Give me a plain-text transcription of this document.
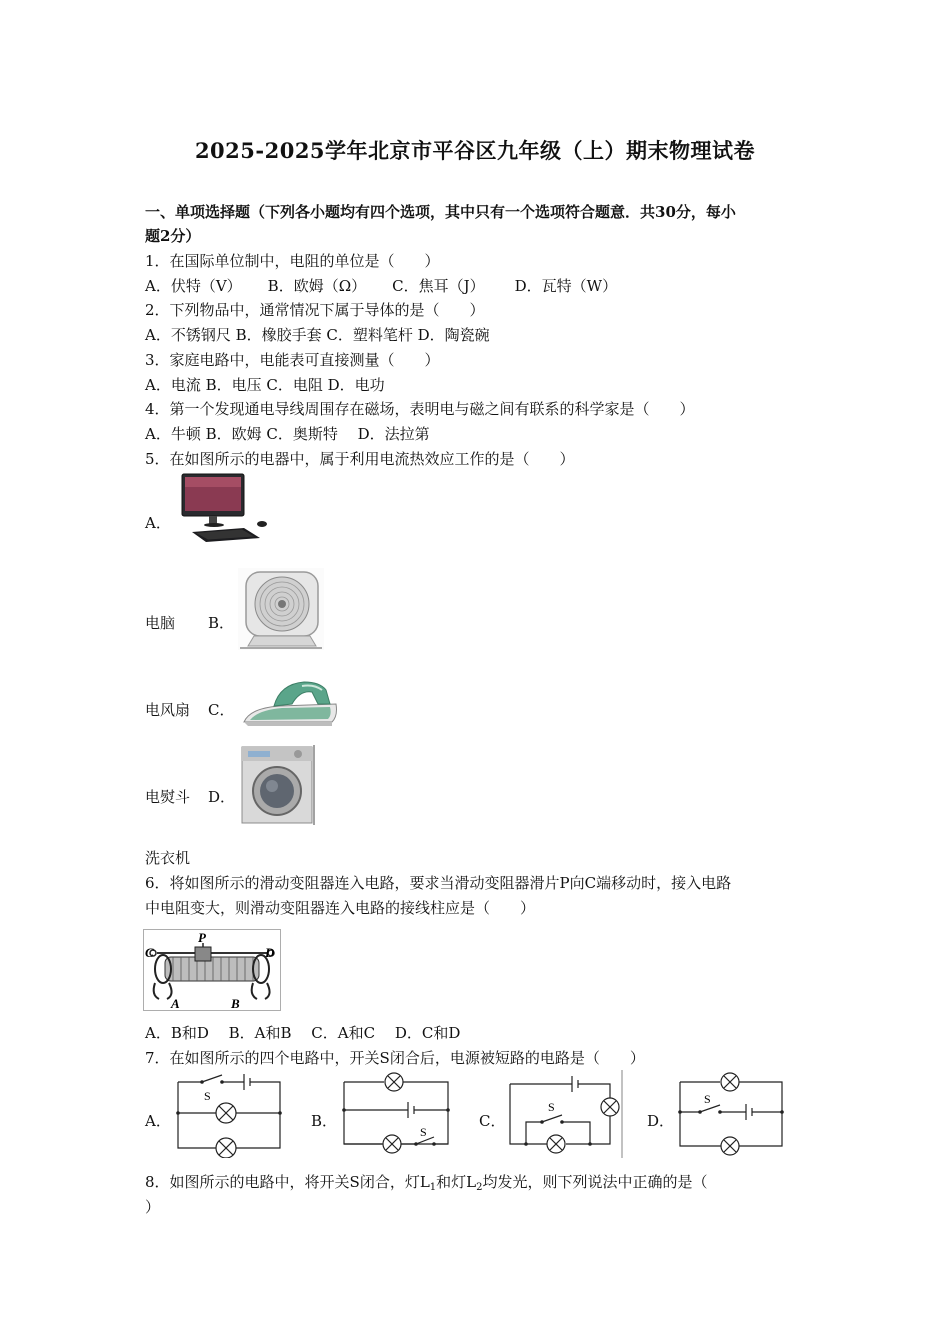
2025-2025学年北京市平谷区九年级（上）期末物理试卷
一、单项选择题（下列各小题均有四个选项，其中只有一个选项符合题意．共30分，每小
题2分）
1．在国际单位制中，电阻的单位是（　　）
A．伏特（V） B．欧姆（Ω） C．焦耳（J） D．瓦特（W）
2．下列物品中，通常情况下属于导体的是（　　）
A．不锈钢尺 B．橡胶手套 C．塑料笔杆 D．陶瓷碗
3．家庭电路中，电能表可直接测量（　　）
A．电流 B．电压 C．电阻 D．电功
4．第一个发现通电导线周围存在磁场，表明电与磁之间有联系的科学家是（　　）
A．牛顿 B．欧姆 C．奥斯特　 D．法拉第
5．在如图所示的电器中，属于利用电流热效应工作的是（　　）
A．
电脑 B．
电风扇 C．
电熨斗 D．
洗衣机
6．将如图所示的滑动变阻器连入电路，要求当滑动变阻器滑片P向C端移动时，接入电路
中电阻变大，则滑动变阻器连入电路的接线柱应是（　　）
C
P
D
A	B
A．B和D　 B．A和B　 C．A和C　 D．C和D
7．在如图所示的四个电路中，开关S闭合后，电源被短路的电路是（　　）
A．
S
B．
S
C．
S
D．
S
8．如图所示的电路中，将开关S闭合，灯$L_1$和灯$L_2$均发光，则下列说法中正确的是（
）
